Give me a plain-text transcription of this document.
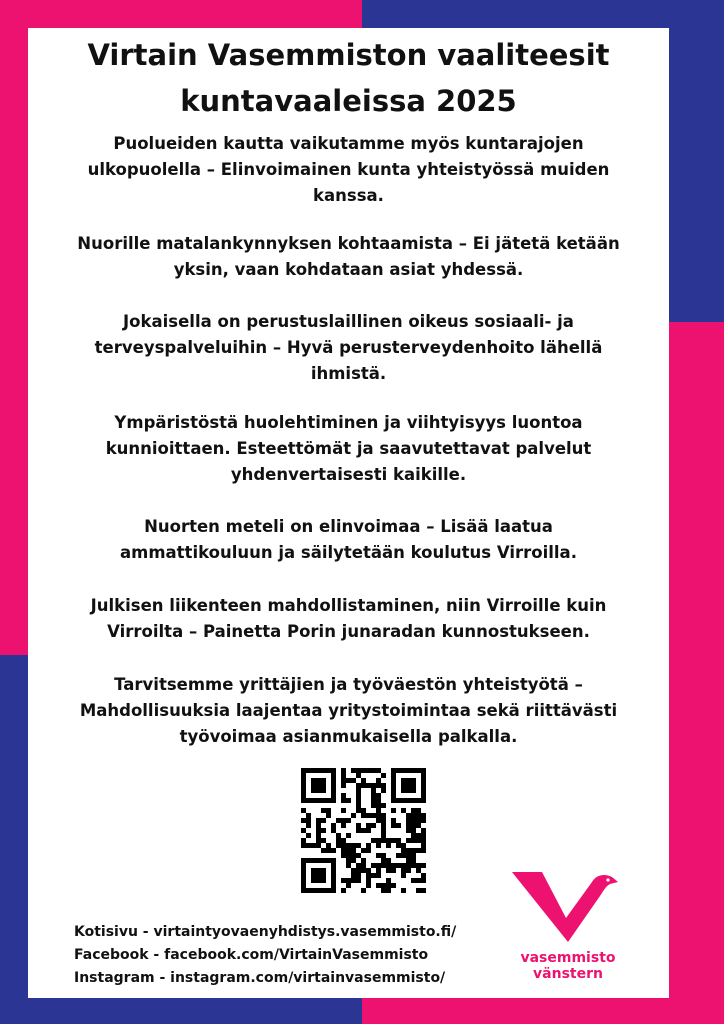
Virtain Vasemmiston vaaliteesit
kuntavaaleissa 2025

Puolueiden kautta vaikutamme myös kuntarajojen ulkopuolella – Elinvoimainen kunta yhteistyössä muiden kanssa.

Nuorille matalankynnyksen kohtaamista – Ei jätetä ketään yksin, vaan kohdataan asiat yhdessä.

Jokaisella on perustuslaillinen oikeus sosiaali- ja terveyspalveluihin – Hyvä perusterveydenhoito lähellä ihmistä.

Ympäristöstä huolehtiminen ja viihtyisyys luontoa kunnioittaen. Esteettömät ja saavutettavat palvelut yhdenvertaisesti kaikille.

Nuorten meteli on elinvoimaa – Lisää laatua ammattikouluun ja säilytetään koulutus Virroilla.

Julkisen liikenteen mahdollistaminen, niin Virroille kuin Virroilta – Painetta Porin junaradan kunnostukseen.

Tarvitsemme yrittäjien ja työväestön yhteistyötä – Mahdollisuuksia laajentaa yritystoimintaa sekä riittävästi työvoimaa asianmukaisella palkalla.

Kotisivu - virtaintyovaenyhdistys.vasemmisto.fi/
Facebook - facebook.com/VirtainVasemmisto
Instagram - instagram.com/virtainvasemmisto/
vasemmisto
vänstern
